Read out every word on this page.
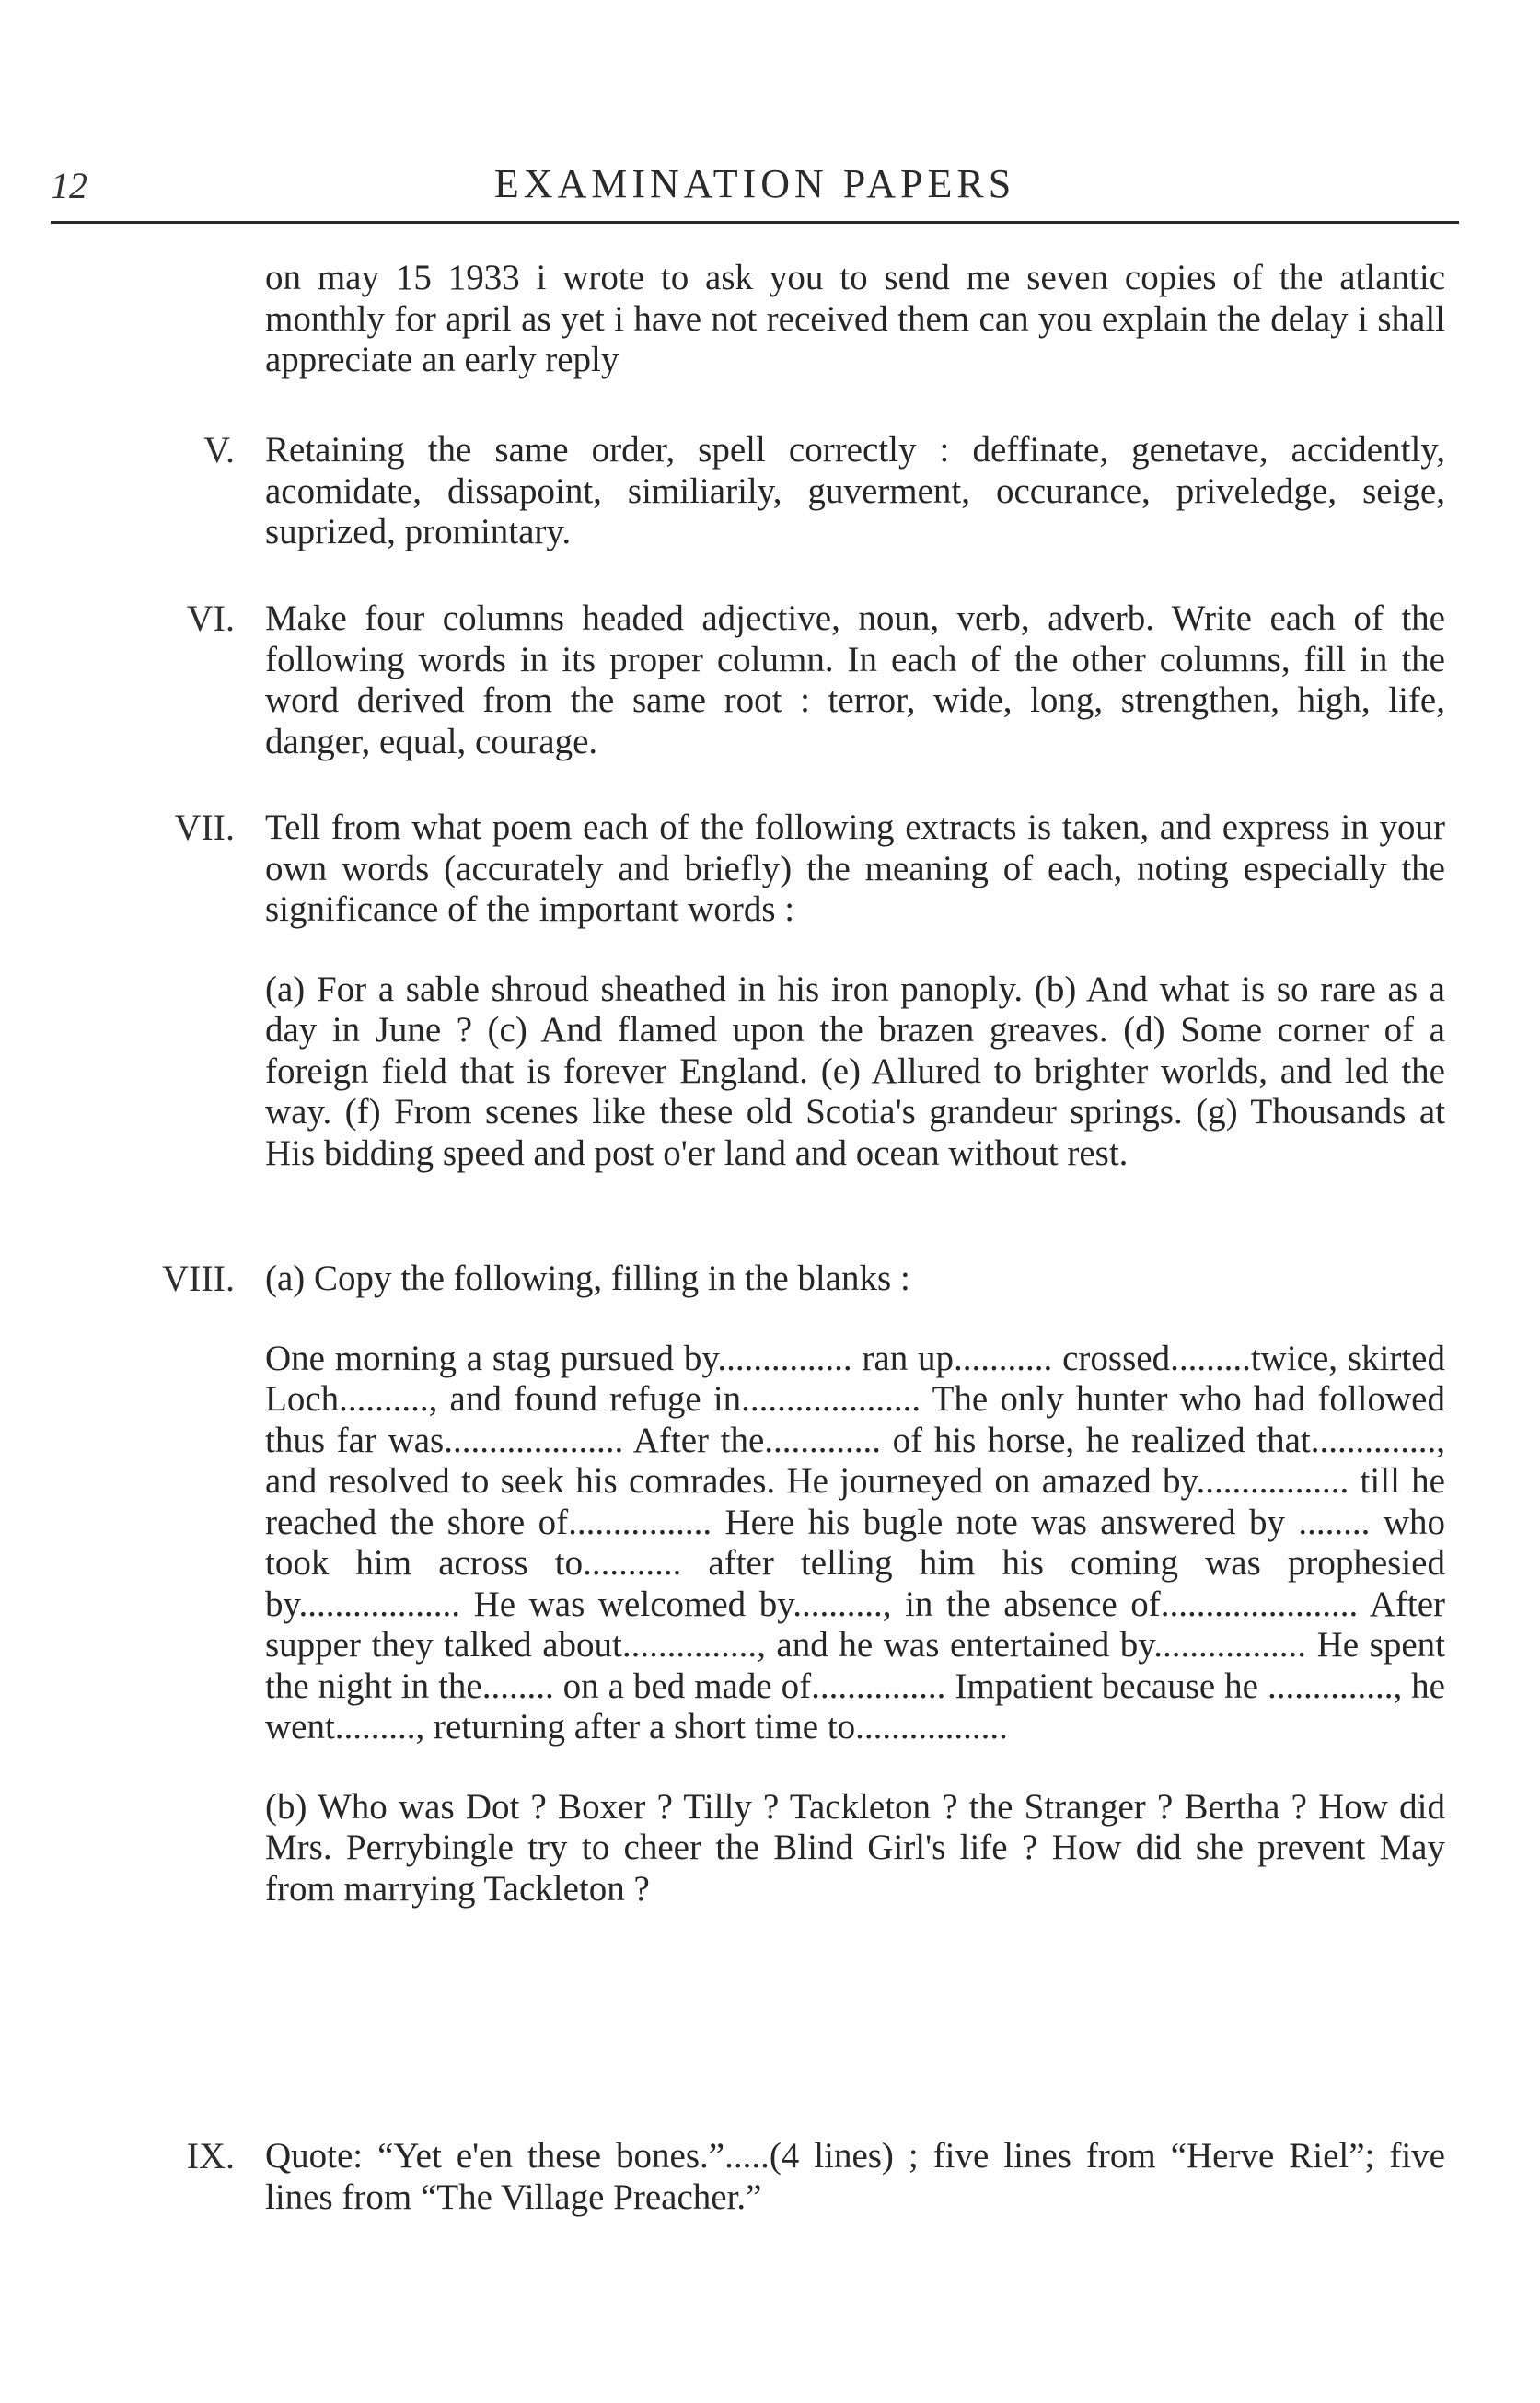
12	EXAMINATION PAPERS

on may 15 1933 i wrote to ask you to send me seven copies of the atlantic monthly for april as yet i have not received them can you explain the delay i shall appreciate an early reply

V. Retaining the same order, spell correctly : deffinate, genetave, accidently, acomidate, dissapoint, similiarily, guverment, occurance, priveledge, seige, suprized, promintary.

VI. Make four columns headed adjective, noun, verb, adverb. Write each of the following words in its proper column. In each of the other columns, fill in the word derived from the same root : terror, wide, long, strengthen, high, life, danger, equal, courage.

VII. Tell from what poem each of the following extracts is taken, and express in your own words (accurately and briefly) the meaning of each, noting especially the significance of the important words :

(a) For a sable shroud sheathed in his iron panoply. (b) And what is so rare as a day in June ? (c) And flamed upon the brazen greaves. (d) Some corner of a foreign field that is forever England. (e) Allured to brighter worlds, and led the way. (f) From scenes like these old Scotia's grandeur springs. (g) Thousands at His bidding speed and post o'er land and ocean without rest.

VIII. (a) Copy the following, filling in the blanks :

One morning a stag pursued by............... ran up........... crossed.........twice, skirted Loch.........., and found refuge in.................... The only hunter who had followed thus far was.................... After the............. of his horse, he realized that.............., and resolved to seek his comrades. He journeyed on amazed by................. till he reached the shore of................ Here his bugle note was answered by ........ who took him across to........... after telling him his coming was prophesied by.................. He was welcomed by.........., in the absence of...................... After supper they talked about..............., and he was entertained by................. He spent the night in the........ on a bed made of............... Impatient because he .............., he went........., returning after a short time to.................

(b) Who was Dot ? Boxer ? Tilly ? Tackleton ? the Stranger ? Bertha ? How did Mrs. Perrybingle try to cheer the Blind Girl's life ? How did she prevent May from marrying Tackleton ?

IX. Quote: “Yet e'en these bones.”.....(4 lines) ; five lines from “Herve Riel”; five lines from “The Village Preacher.”
